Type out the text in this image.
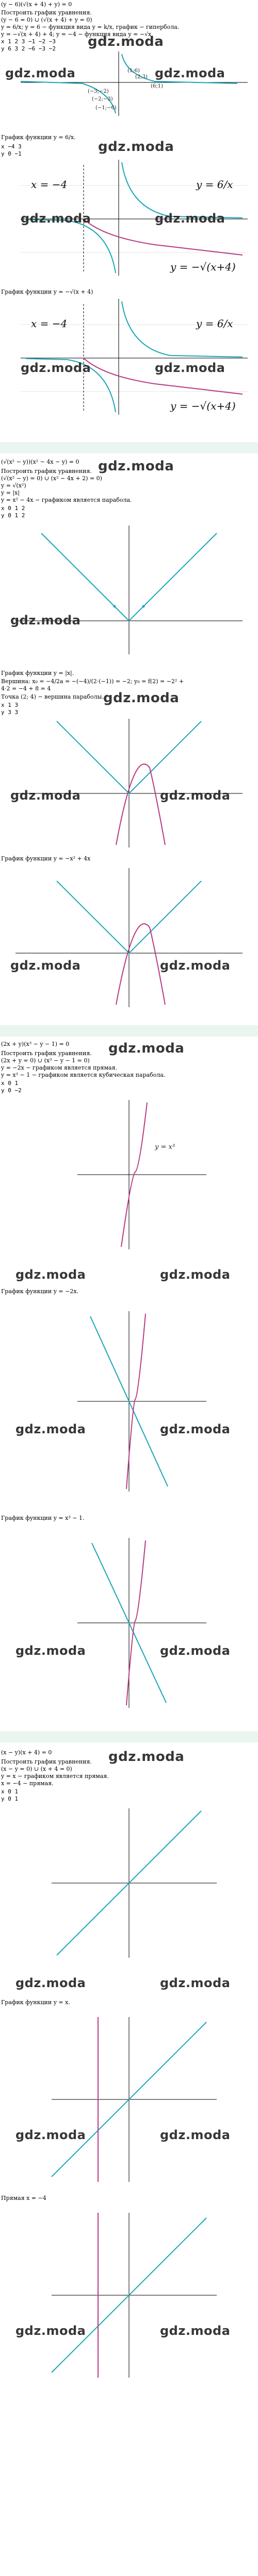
(y − 6)(√(x + 4) + y) = 0
Построить график уравнения.
(y − 6 = 0) ∪ (√(x + 4) + y = 0)
y = 6/x; y = 6 − функция вида y = k/x, график − гипербола.
y = −√(x + 4) + 4; y = −4 − функция вида y = −√x
x 1 2 3 −1 −2 −3
y 6 3 2 −6 −3 −2 gdz.moda
gdz.moda	gdz.moda
(1;6)
(2;3)
(6;1)
(−3;−2)
(−2;−3)
(−1;−6)
График функции y = 6/x.
x −4 3
y 0 −1	gdz.moda
x = −4	y = 6/x
y = −√(x+4)
gdz.moda	gdz.moda
График функции y = −√(x + 4)
x = −4	y = 6/x
y = −√(x+4)
gdz.moda	gdz.moda
(√(x² − y))(x² − 4x − y) = 0
Построить график уравнения.
(√(x² − y) = 0) ∪ (x² − 4x + 2) = 0)
y = √(x²)
y = |x|
y = x² − 4x − графиком является парабола.
x 0 1 2
y 0 1 2
gdz.moda
gdz.moda
График функции y = |x|.
Вершина: x₀ = −4/2a = −(−4)/(2·(−1)) = −2; y₀ = f(2) = −2² +
4·2 = −4 + 8 = 4
Точка (2; 4) − вершина параболы.
x 1 3
y 3 3
gdz.moda
gdz.moda	gdz.moda
График функции y = −x² + 4x
gdz.moda	gdz.moda
(2x + y)(x³ − y − 1) = 0
Построить график уравнения.
(2x + y = 0) ∪ (x³ − y − 1 = 0)
y = −2x − графиком является прямая.
y = x³ − 1 − графиком является кубическая парабола.
x 0 1
y 0 −2
gdz.moda
y = x³
gdz.moda	gdz.moda
График функции y = −2x.
gdz.moda	gdz.moda
График функции y = x³ − 1.
gdz.moda	gdz.moda
(x − y)(x + 4) = 0
Построить график уравнения.
(x − y = 0) ∪ (x + 4 = 0)
y = x − графиком является прямая.
x = −4 − прямая.
x 0 1
y 0 1
gdz.moda
gdz.moda	gdz.moda
График функции y = x.
gdz.moda	gdz.moda
Прямая x = −4
gdz.moda	gdz.moda
